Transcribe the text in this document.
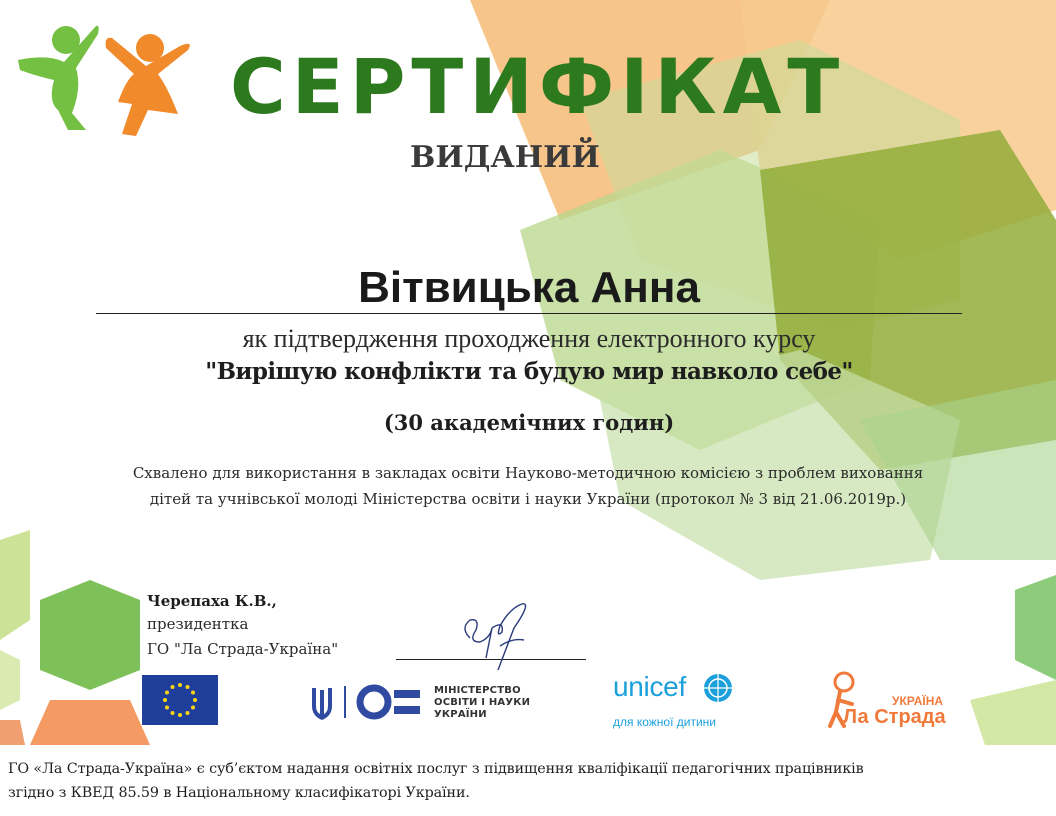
СЕРТИФІКАТ

ВИДАНИЙ

Вітвицька Анна

як підтвердження проходження електронного курсу

"Вирішую конфлікти та будую мир навколо себе"

(30 академічних годин)

Схвалено для використання в закладах освіти Науково-методичною комісією з проблем виховання
дітей та учнівської молоді Міністерства освіти і науки України (протокол № 3 від 21.06.2019р.)

Черепаха К.В.,

президентка

ГО "Ла Страда-Україна"

МІНІСТЕРСТВО

ОСВІТИ І НАУКИ

УКРАЇНИ

unicef

для кожної дитини

УКРАЇНА

Ла Страда

ГО «Ла Страда-Україна» є суб’єктом надання освітніх послуг з підвищення кваліфікації педагогічних працівників
згідно з КВЕД 85.59 в Національному класифікаторі України.
